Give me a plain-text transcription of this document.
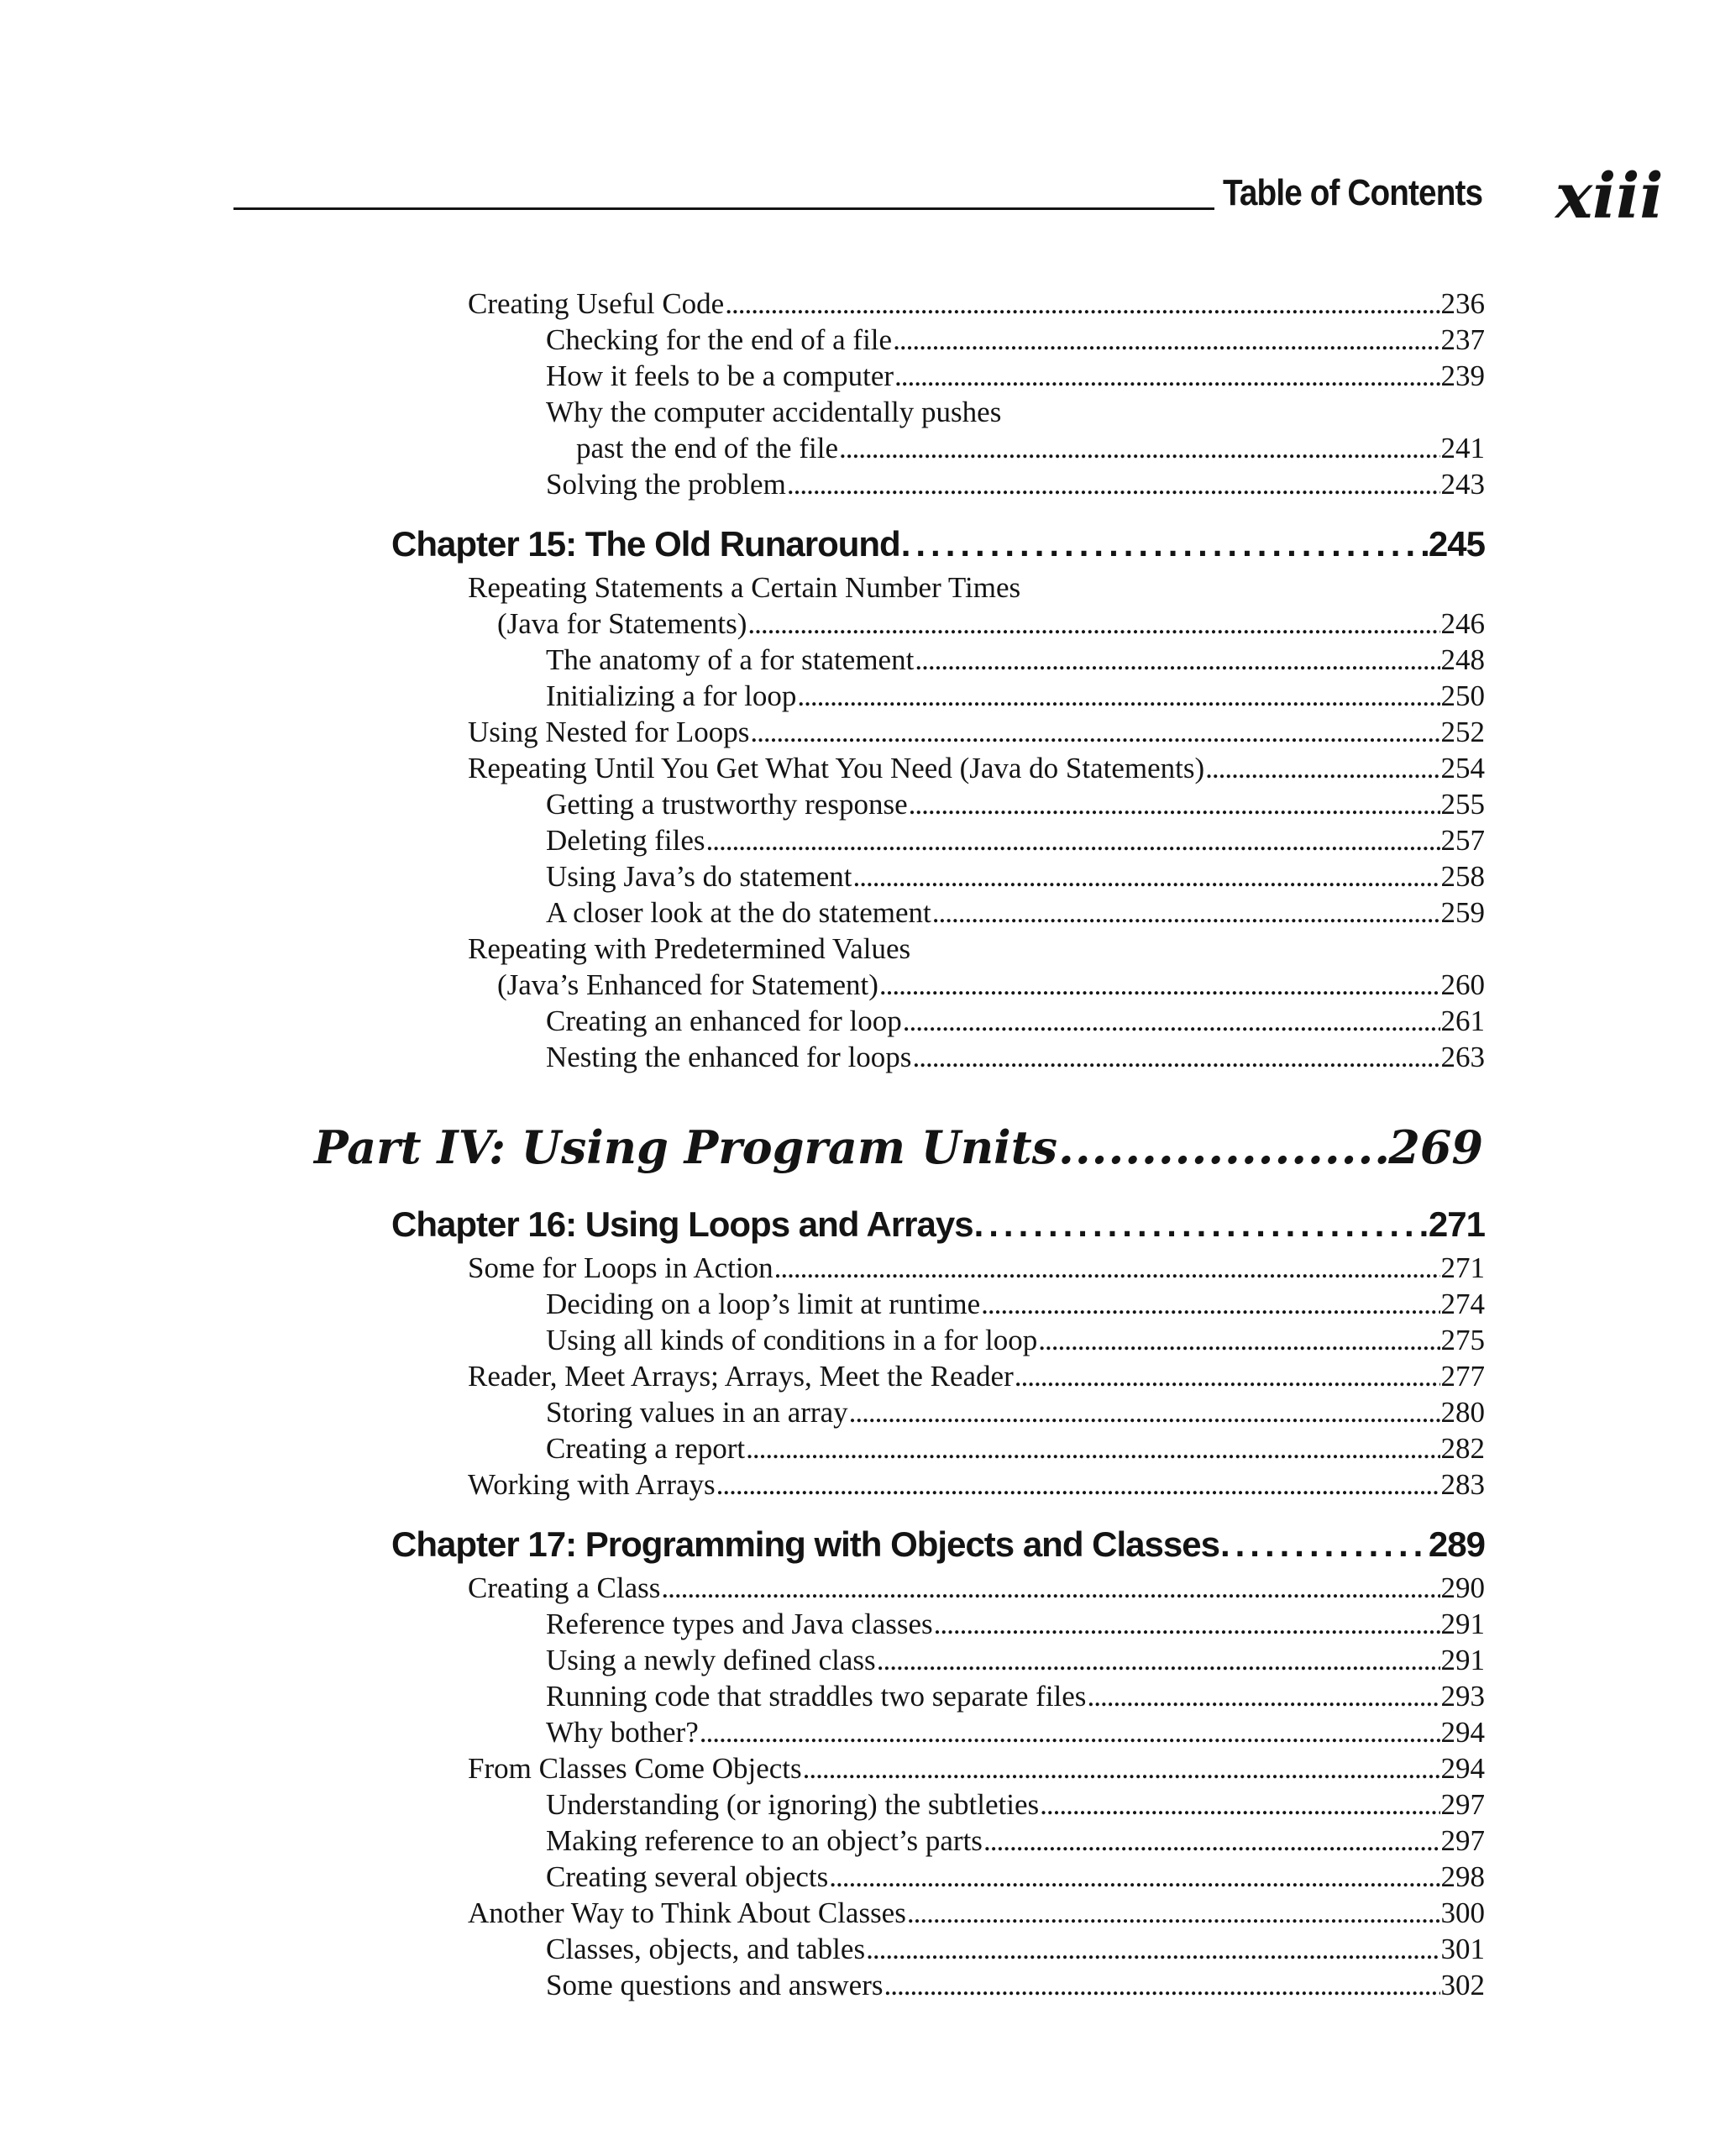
Table of Contents xiii
Creating Useful Code .....	236
Checking for the end of a file .....	237
How it feels to be a computer .....	239
Why the computer accidentally pushes
past the end of the file .....	241
Solving the problem .....	243
Chapter 15: The Old Runaround .....	245
Repeating Statements a Certain Number Times
(Java for Statements) .....	246
The anatomy of a for statement .....	248
Initializing a for loop .....	250
Using Nested for Loops .....	252
Repeating Until You Get What You Need (Java do Statements) .....	254
Getting a trustworthy response .....	255
Deleting files .....	257
Using Java’s do statement .....	258
A closer look at the do statement .....	259
Repeating with Predetermined Values
(Java’s Enhanced for Statement) .....	260
Creating an enhanced for loop .....	261
Nesting the enhanced for loops .....	263
Part IV: Using Program Units .....	269
Chapter 16: Using Loops and Arrays .....	271
Some for Loops in Action .....	271
Deciding on a loop’s limit at runtime .....	274
Using all kinds of conditions in a for loop .....	275
Reader, Meet Arrays; Arrays, Meet the Reader .....	277
Storing values in an array .....	280
Creating a report .....	282
Working with Arrays .....	283
Chapter 17: Programming with Objects and Classes .....	289
Creating a Class .....	290
Reference types and Java classes .....	291
Using a newly defined class .....	291
Running code that straddles two separate files .....	293
Why bother? .....	294
From Classes Come Objects .....	294
Understanding (or ignoring) the subtleties .....	297
Making reference to an object’s parts .....	297
Creating several objects .....	298
Another Way to Think About Classes .....	300
Classes, objects, and tables .....	301
Some questions and answers .....	302
